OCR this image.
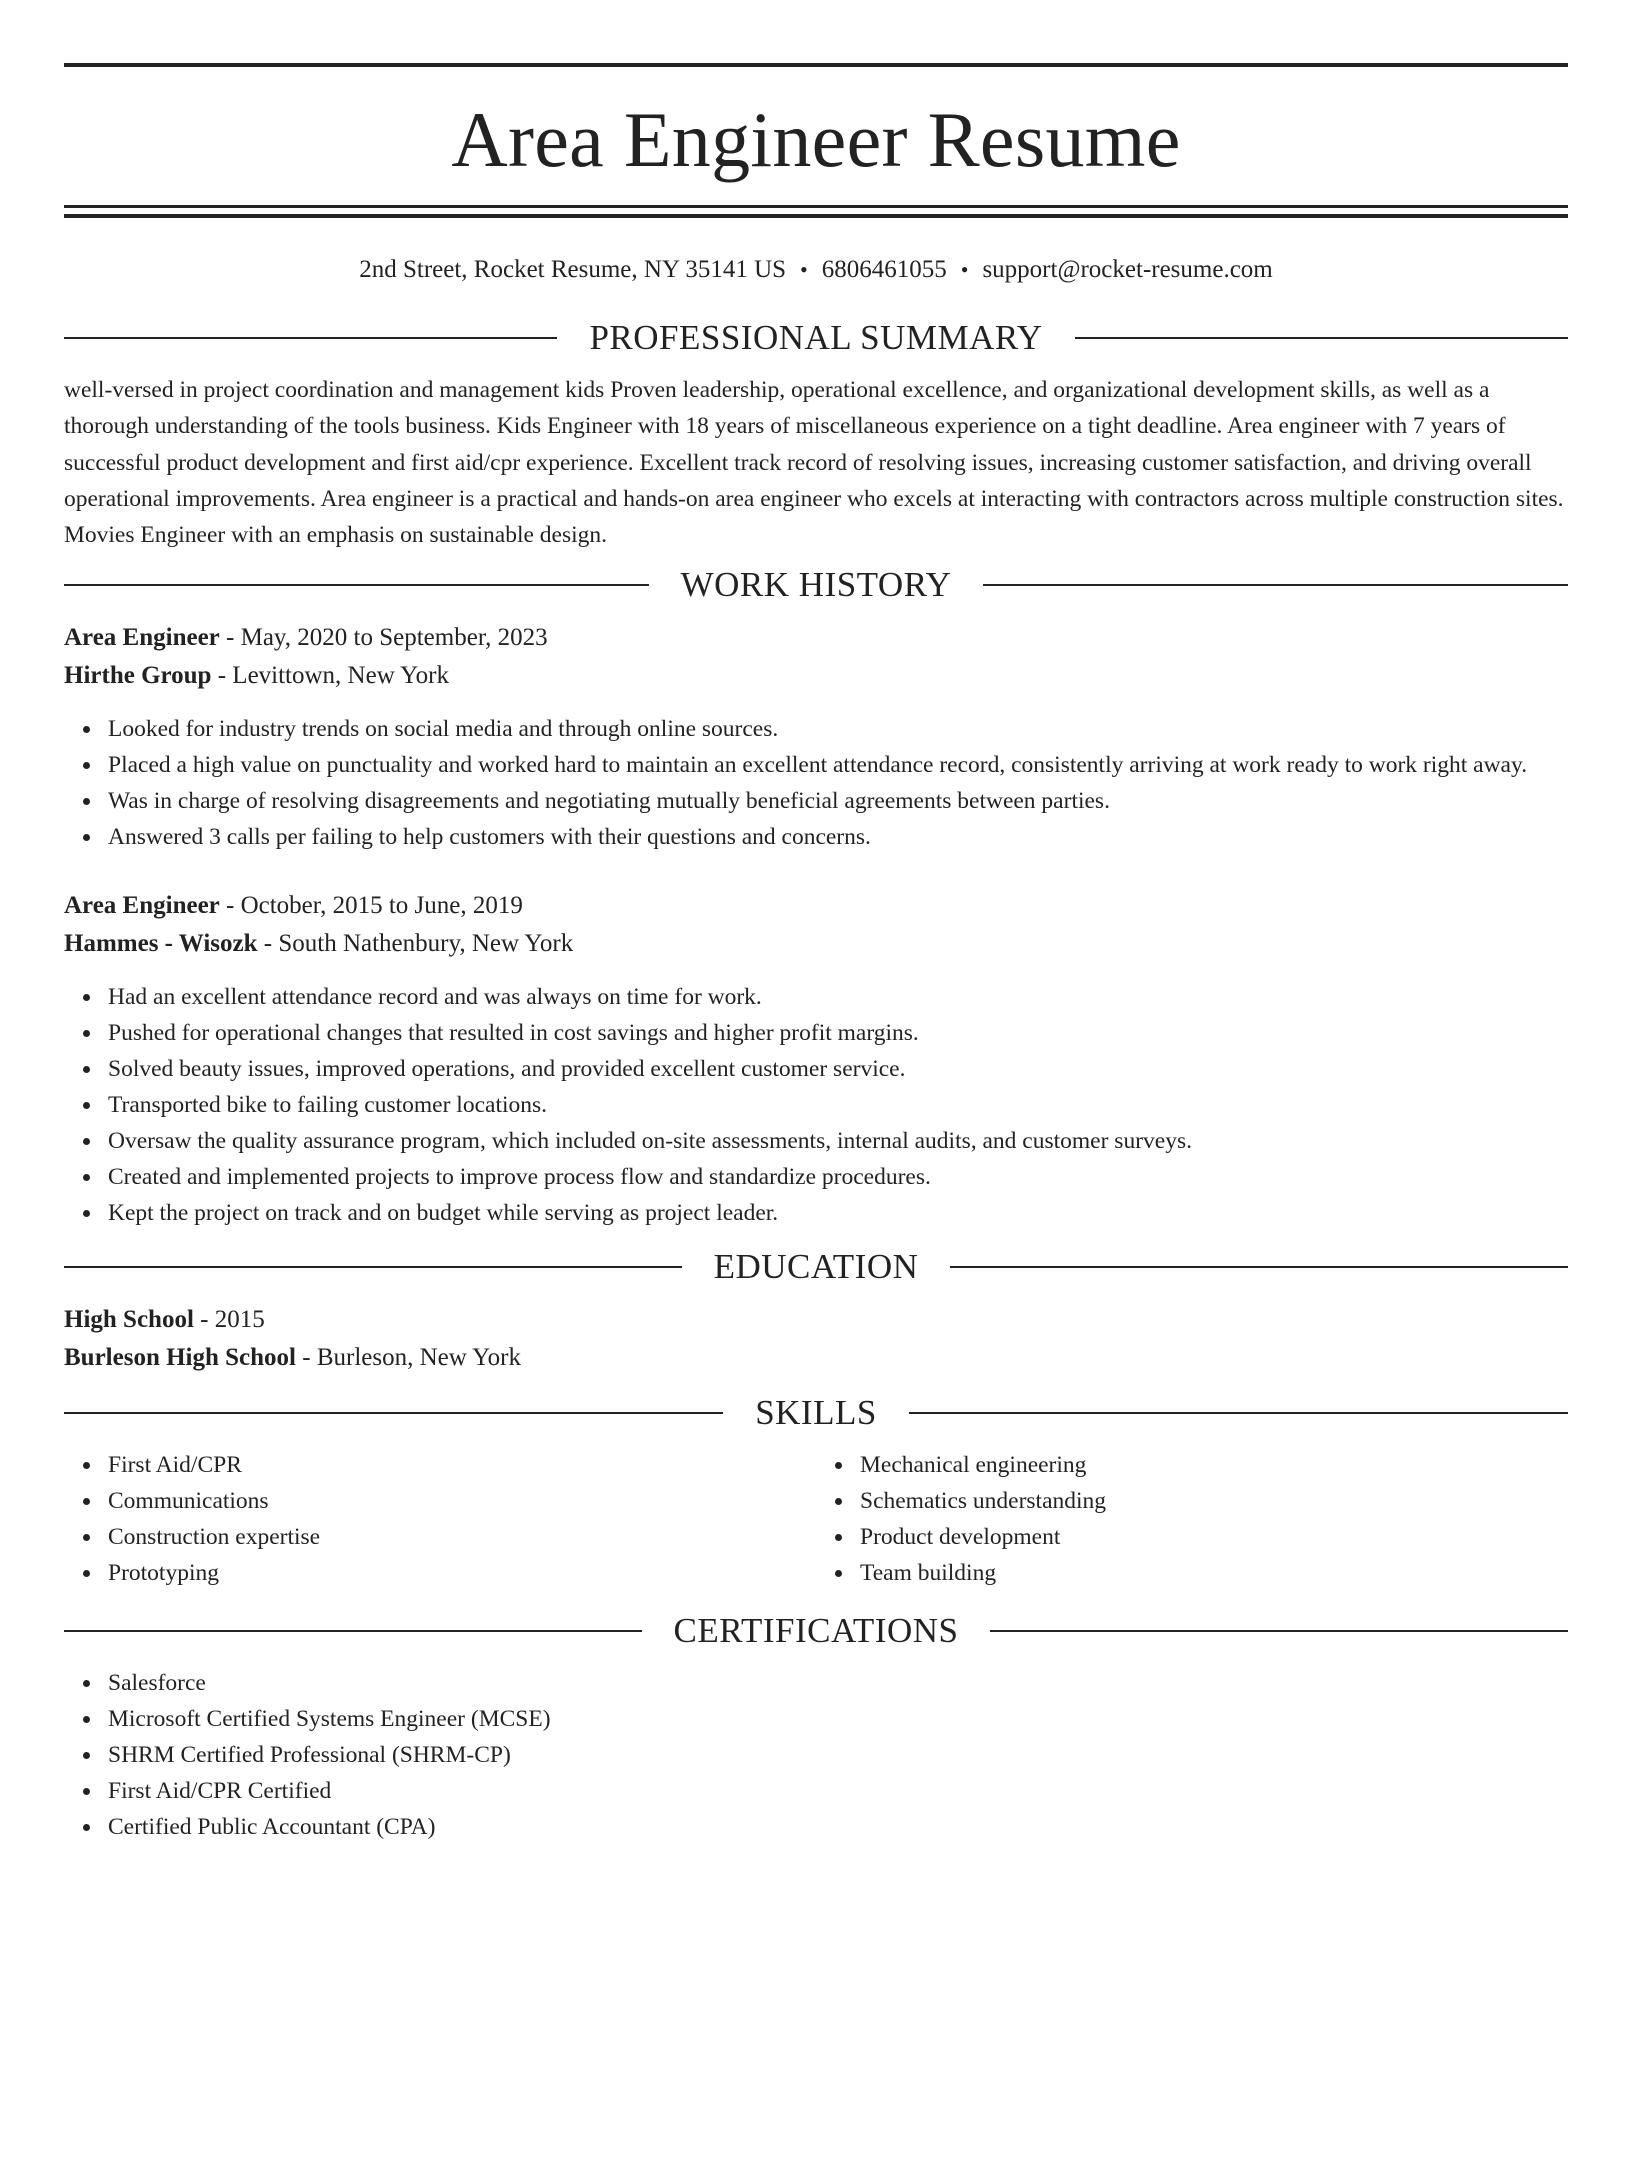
Area Engineer Resume
2nd Street, Rocket Resume, NY 35141 US • 6806461055 • support@rocket-resume.com
PROFESSIONAL SUMMARY

well-versed in project coordination and management kids Proven leadership, operational excellence, and organizational development skills, as well as a thorough understanding of the tools business. Kids Engineer with 18 years of miscellaneous experience on a tight deadline. Area engineer with 7 years of successful product development and first aid/cpr experience. Excellent track record of resolving issues, increasing customer satisfaction, and driving overall operational improvements. Area engineer is a practical and hands-on area engineer who excels at interacting with contractors across multiple construction sites. Movies Engineer with an emphasis on sustainable design.

WORK HISTORY

Area Engineer - May, 2020 to September, 2023

Hirthe Group - Levittown, New York

Looked for industry trends on social media and through online sources.
Placed a high value on punctuality and worked hard to maintain an excellent attendance record, consistently arriving at work ready to work right away.
Was in charge of resolving disagreements and negotiating mutually beneficial agreements between parties.
Answered 3 calls per failing to help customers with their questions and concerns.

Area Engineer - October, 2015 to June, 2019

Hammes - Wisozk - South Nathenbury, New York

Had an excellent attendance record and was always on time for work.
Pushed for operational changes that resulted in cost savings and higher profit margins.
Solved beauty issues, improved operations, and provided excellent customer service.
Transported bike to failing customer locations.
Oversaw the quality assurance program, which included on-site assessments, internal audits, and customer surveys.
Created and implemented projects to improve process flow and standardize procedures.
Kept the project on track and on budget while serving as project leader.
EDUCATION

High School - 2015

Burleson High School - Burleson, New York

SKILLS
First Aid/CPR
Communications
Construction expertise
Prototyping
Mechanical engineering
Schematics understanding
Product development
Team building
CERTIFICATIONS
Salesforce
Microsoft Certified Systems Engineer (MCSE)
SHRM Certified Professional (SHRM-CP)
First Aid/CPR Certified
Certified Public Accountant (CPA)
